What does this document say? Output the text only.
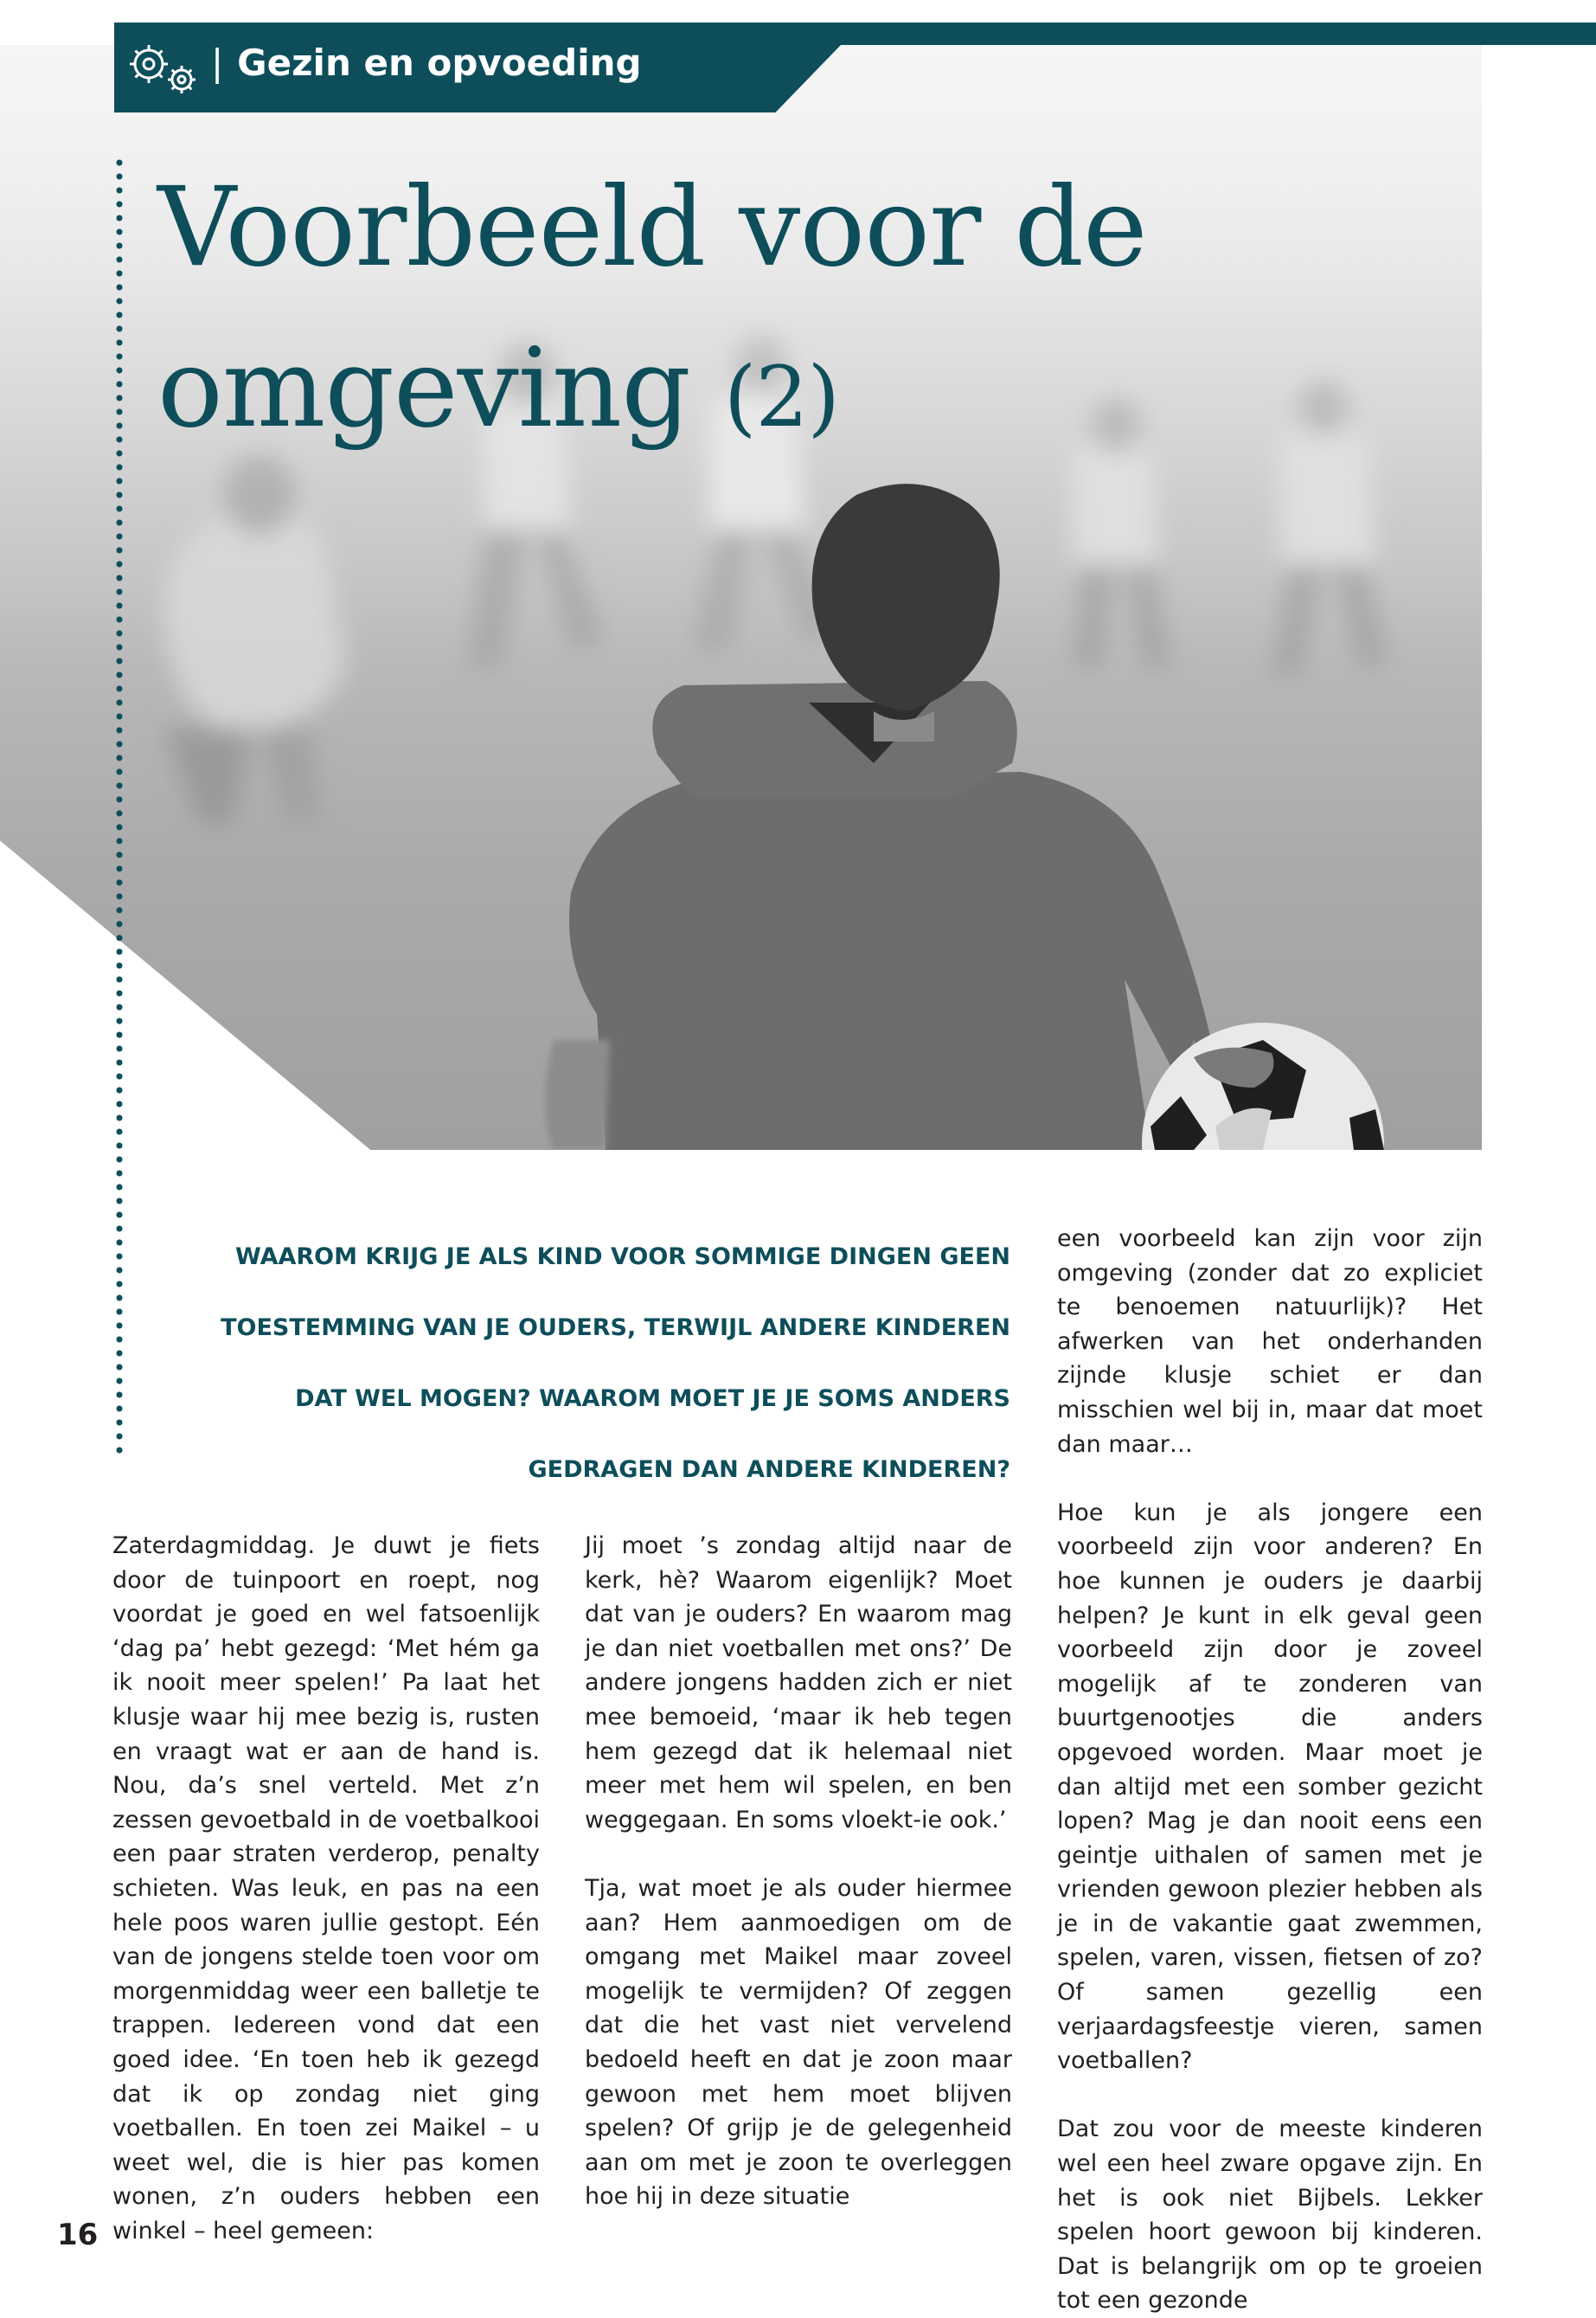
| Gezin en opvoeding
Voorbeeld voor de
omgeving (2)

WAAROM KRIJG JE ALS KIND VOOR SOMMIGE DINGEN GEEN TOESTEMMING VAN JE OUDERS, TERWIJL ANDERE KINDEREN DAT WEL MOGEN? WAAROM MOET JE JE SOMS ANDERS GEDRAGEN DAN ANDERE KINDEREN?

Zaterdagmiddag. Je duwt je fiets door de tuinpoort en roept, nog voordat je goed en wel fatsoenlijk ‘dag pa’ hebt gezegd: ‘Met hém ga ik nooit meer spelen!’ Pa laat het klusje waar hij mee bezig is, rusten en vraagt wat er aan de hand is. Nou, da’s snel verteld. Met z’n zessen gevoetbald in de voetbalkooi een paar straten verderop, penalty schieten. Was leuk, en pas na een hele poos waren jullie gestopt. Eén van de jongens stelde toen voor om morgenmiddag weer een balletje te trappen. Iedereen vond dat een goed idee. ‘En toen heb ik gezegd dat ik op zondag niet ging voetballen. En toen zei Maikel – u weet wel, die is hier pas komen wonen, z’n ouders hebben een winkel – heel gemeen:

Jij moet ’s zondag altijd naar de kerk, hè? Waarom eigenlijk? Moet dat van je ouders? En waarom mag je dan niet voetballen met ons?’ De andere jongens hadden zich er niet mee bemoeid, ‘maar ik heb tegen hem gezegd dat ik helemaal niet meer met hem wil spelen, en ben weggegaan. En soms vloekt-ie ook.’

Tja, wat moet je als ouder hiermee aan? Hem aanmoedigen om de omgang met Maikel maar zoveel mogelijk te vermijden? Of zeggen dat die het vast niet vervelend bedoeld heeft en dat je zoon maar gewoon met hem moet blijven spelen? Of grijp je de gelegenheid aan om met je zoon te overleggen hoe hij in deze situatie

een voorbeeld kan zijn voor zijn omgeving (zonder dat zo expliciet te benoemen natuurlijk)? Het afwerken van het onderhanden zijnde klusje schiet er dan misschien wel bij in, maar dat moet dan maar…

Hoe kun je als jongere een voorbeeld zijn voor anderen? En hoe kunnen je ouders je daarbij helpen? Je kunt in elk geval geen voorbeeld zijn door je zoveel mogelijk af te zonderen van buurtgenootjes die anders opgevoed worden. Maar moet je dan altijd met een somber gezicht lopen? Mag je dan nooit eens een geintje uithalen of samen met je vrienden gewoon plezier hebben als je in de vakantie gaat zwemmen, spelen, varen, vissen, fietsen of zo? Of samen gezellig een verjaardagsfeestje vieren, samen voetballen?

Dat zou voor de meeste kinderen wel een heel zware opgave zijn. En het is ook niet Bijbels. Lekker spelen hoort gewoon bij kinderen. Dat is belangrijk om op te groeien tot een gezonde

16
